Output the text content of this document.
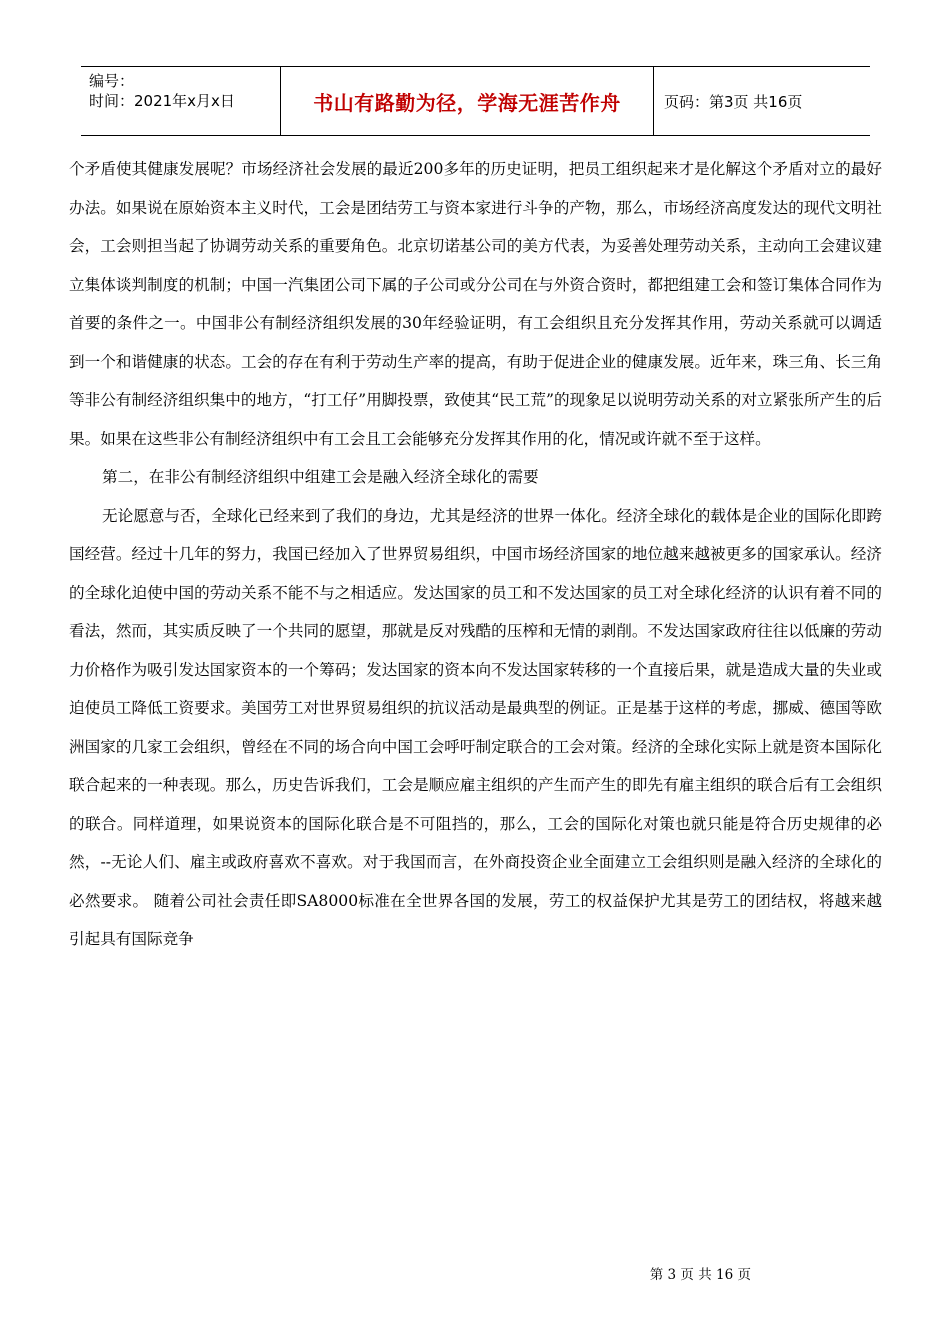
编号：
时间：2021年x月x日	书山有路勤为径，学海无涯苦作舟	页码：第3页 共16页

个矛盾使其健康发展呢？市场经济社会发展的最近200多年的历史证明，把员工组织起来才是化解这个矛盾对立的最好办法。如果说在原始资本主义时代，工会是团结劳工与资本家进行斗争的产物，那么，市场经济高度发达的现代文明社会，工会则担当起了协调劳动关系的重要角色。北京切诺基公司的美方代表，为妥善处理劳动关系，主动向工会建议建立集体谈判制度的机制；中国一汽集团公司下属的子公司或分公司在与外资合资时，都把组建工会和签订集体合同作为首要的条件之一。中国非公有制经济组织发展的30年经验证明，有工会组织且充分发挥其作用，劳动关系就可以调适到一个和谐健康的状态。工会的存在有利于劳动生产率的提高，有助于促进企业的健康发展。近年来，珠三角、长三角等非公有制经济组织集中的地方，“打工仔”用脚投票，致使其“民工荒”的现象足以说明劳动关系的对立紧张所产生的后果。如果在这些非公有制经济组织中有工会且工会能够充分发挥其作用的化，情况或许就不至于这样。

第二，在非公有制经济组织中组建工会是融入经济全球化的需要

无论愿意与否，全球化已经来到了我们的身边，尤其是经济的世界一体化。经济全球化的载体是企业的国际化即跨国经营。经过十几年的努力，我国已经加入了世界贸易组织，中国市场经济国家的地位越来越被更多的国家承认。经济的全球化迫使中国的劳动关系不能不与之相适应。发达国家的员工和不发达国家的员工对全球化经济的认识有着不同的看法，然而，其实质反映了一个共同的愿望，那就是反对残酷的压榨和无情的剥削。不发达国家政府往往以低廉的劳动力价格作为吸引发达国家资本的一个筹码；发达国家的资本向不发达国家转移的一个直接后果，就是造成大量的失业或迫使员工降低工资要求。美国劳工对世界贸易组织的抗议活动是最典型的例证。正是基于这样的考虑，挪威、德国等欧洲国家的几家工会组织，曾经在不同的场合向中国工会呼吁制定联合的工会对策。经济的全球化实际上就是资本国际化联合起来的一种表现。那么，历史告诉我们，工会是顺应雇主组织的产生而产生的即先有雇主组织的联合后有工会组织的联合。同样道理，如果说资本的国际化联合是不可阻挡的，那么，工会的国际化对策也就只能是符合历史规律的必然，--无论人们、雇主或政府喜欢不喜欢。对于我国而言，在外商投资企业全面建立工会组织则是融入经济的全球化的必然要求。 随着公司社会责任即SA8000标准在全世界各国的发展，劳工的权益保护尤其是劳工的团结权，将越来越引起具有国际竞争

第 3 页 共 16 页
